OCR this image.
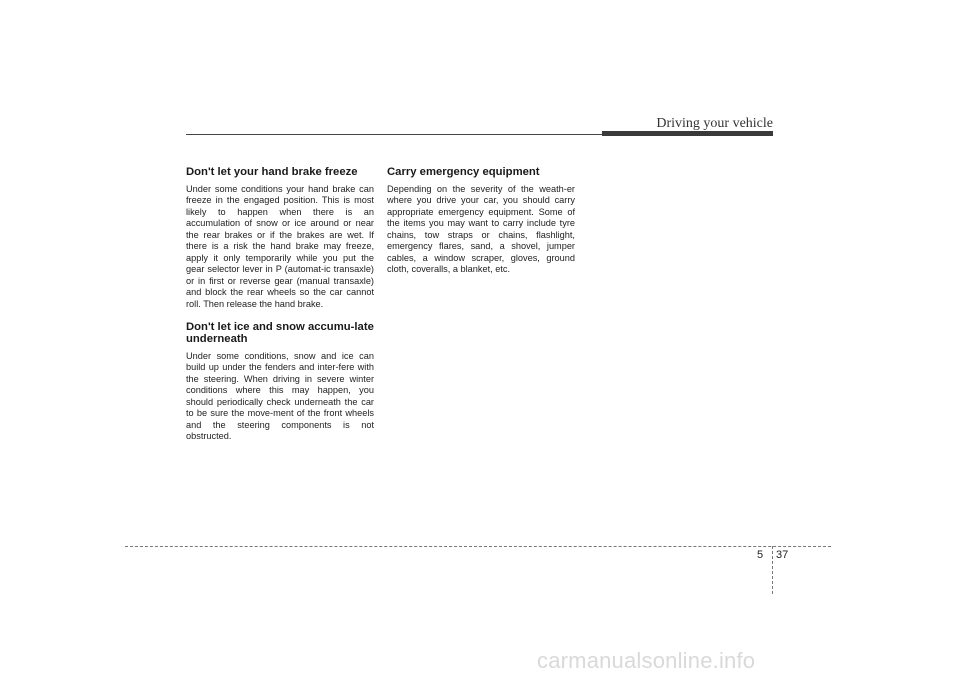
Driving your vehicle
Don't let your hand brake freeze

Under some conditions your hand brake can freeze in the engaged position. This is most likely to happen when there is an accumulation of snow or ice around or near the rear brakes or if the brakes are wet. If there is a risk the hand brake may freeze, apply it only temporarily while you put the gear selector lever in P (automat-ic transaxle) or in first or reverse gear (manual transaxle) and block the rear wheels so the car cannot roll. Then release the hand brake.

Don't let ice and snow accumu-late underneath

Under some conditions, snow and ice can build up under the fenders and inter-fere with the steering. When driving in severe winter conditions where this may happen, you should periodically check underneath the car to be sure the move-ment of the front wheels and the steering components is not obstructed.

Carry emergency equipment

Depending on the severity of the weath-er where you drive your car, you should carry appropriate emergency equipment. Some of the items you may want to carry include tyre chains, tow straps or chains, flashlight, emergency flares, sand, a shovel, jumper cables, a window scraper, gloves, ground cloth, coveralls, a blanket, etc.

5 37
carmanualsonline.info
